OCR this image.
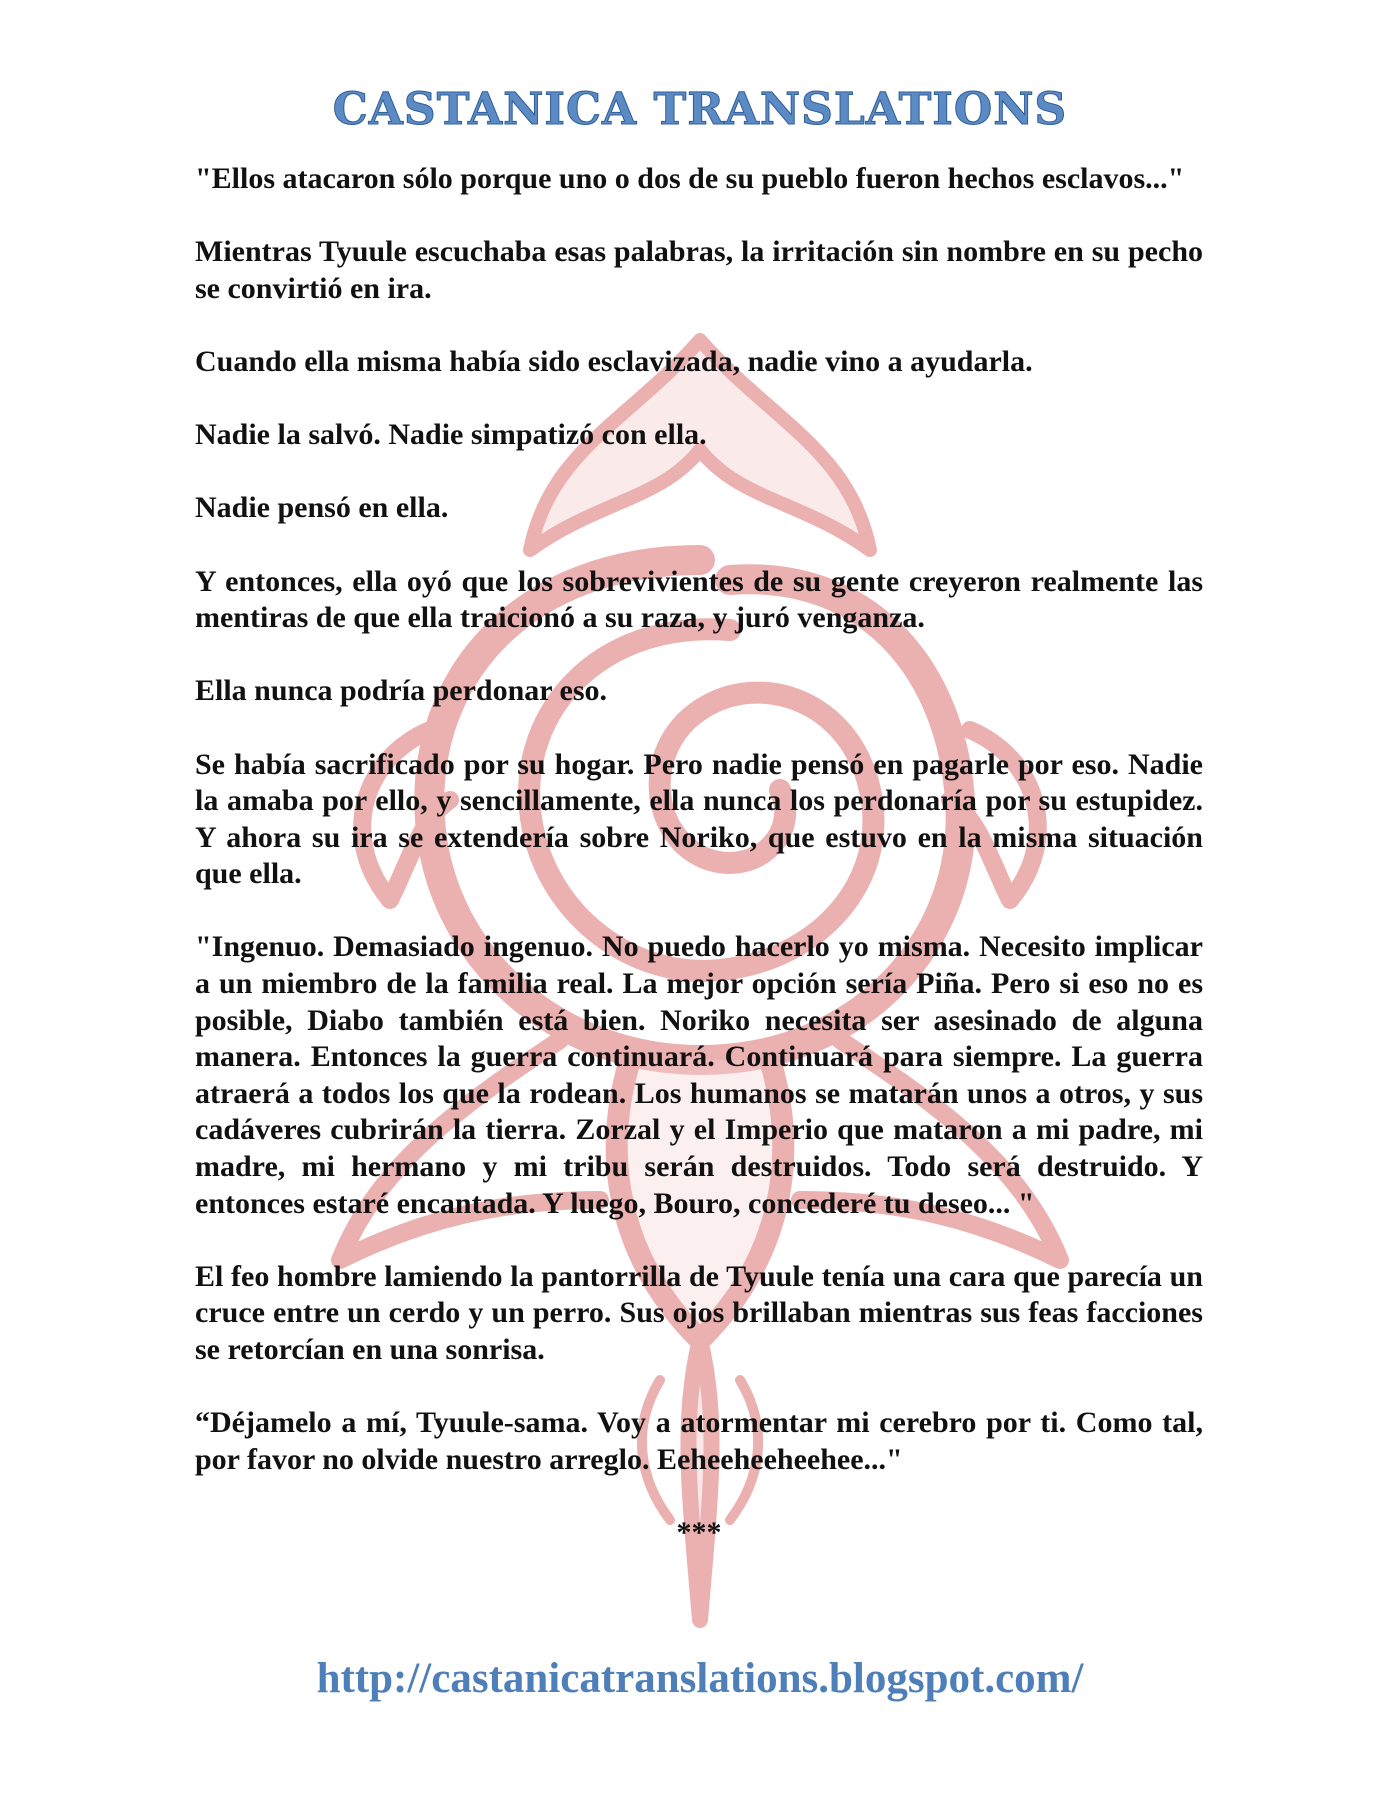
CASTANICA TRANSLATIONS

"Ellos atacaron sólo porque uno o dos de su pueblo fueron hechos esclavos..."

Mientras Tyuule escuchaba esas palabras, la irritación sin nombre en su pecho se convirtió en ira.

Cuando ella misma había sido esclavizada, nadie vino a ayudarla.

Nadie la salvó. Nadie simpatizó con ella.

Nadie pensó en ella.

Y entonces, ella oyó que los sobrevivientes de su gente creyeron realmente las mentiras de que ella traicionó a su raza, y juró venganza.

Ella nunca podría perdonar eso.

Se había sacrificado por su hogar. Pero nadie pensó en pagarle por eso. Nadie la amaba por ello, y sencillamente, ella nunca los perdonaría por su estupidez. Y ahora su ira se extendería sobre Noriko, que estuvo en la misma situación que ella.

"Ingenuo. Demasiado ingenuo. No puedo hacerlo yo misma. Necesito implicar a un miembro de la familia real. La mejor opción sería Piña. Pero si eso no es posible, Diabo también está bien. Noriko necesita ser asesinado de alguna manera. Entonces la guerra continuará. Continuará para siempre. La guerra atraerá a todos los que la rodean. Los humanos se matarán unos a otros, y sus cadáveres cubrirán la tierra. Zorzal y el Imperio que mataron a mi padre, mi madre, mi hermano y mi tribu serán destruidos. Todo será destruido. Y entonces estaré encantada. Y luego, Bouro, concederé tu deseo... "

El feo hombre lamiendo la pantorrilla de Tyuule tenía una cara que parecía un cruce entre un cerdo y un perro. Sus ojos brillaban mientras sus feas facciones se retorcían en una sonrisa.

“Déjamelo a mí, Tyuule-sama. Voy a atormentar mi cerebro por ti. Como tal, por favor no olvide nuestro arreglo. Eeheeheeheehee..."

***

http://castanicatranslations.blogspot.com/
